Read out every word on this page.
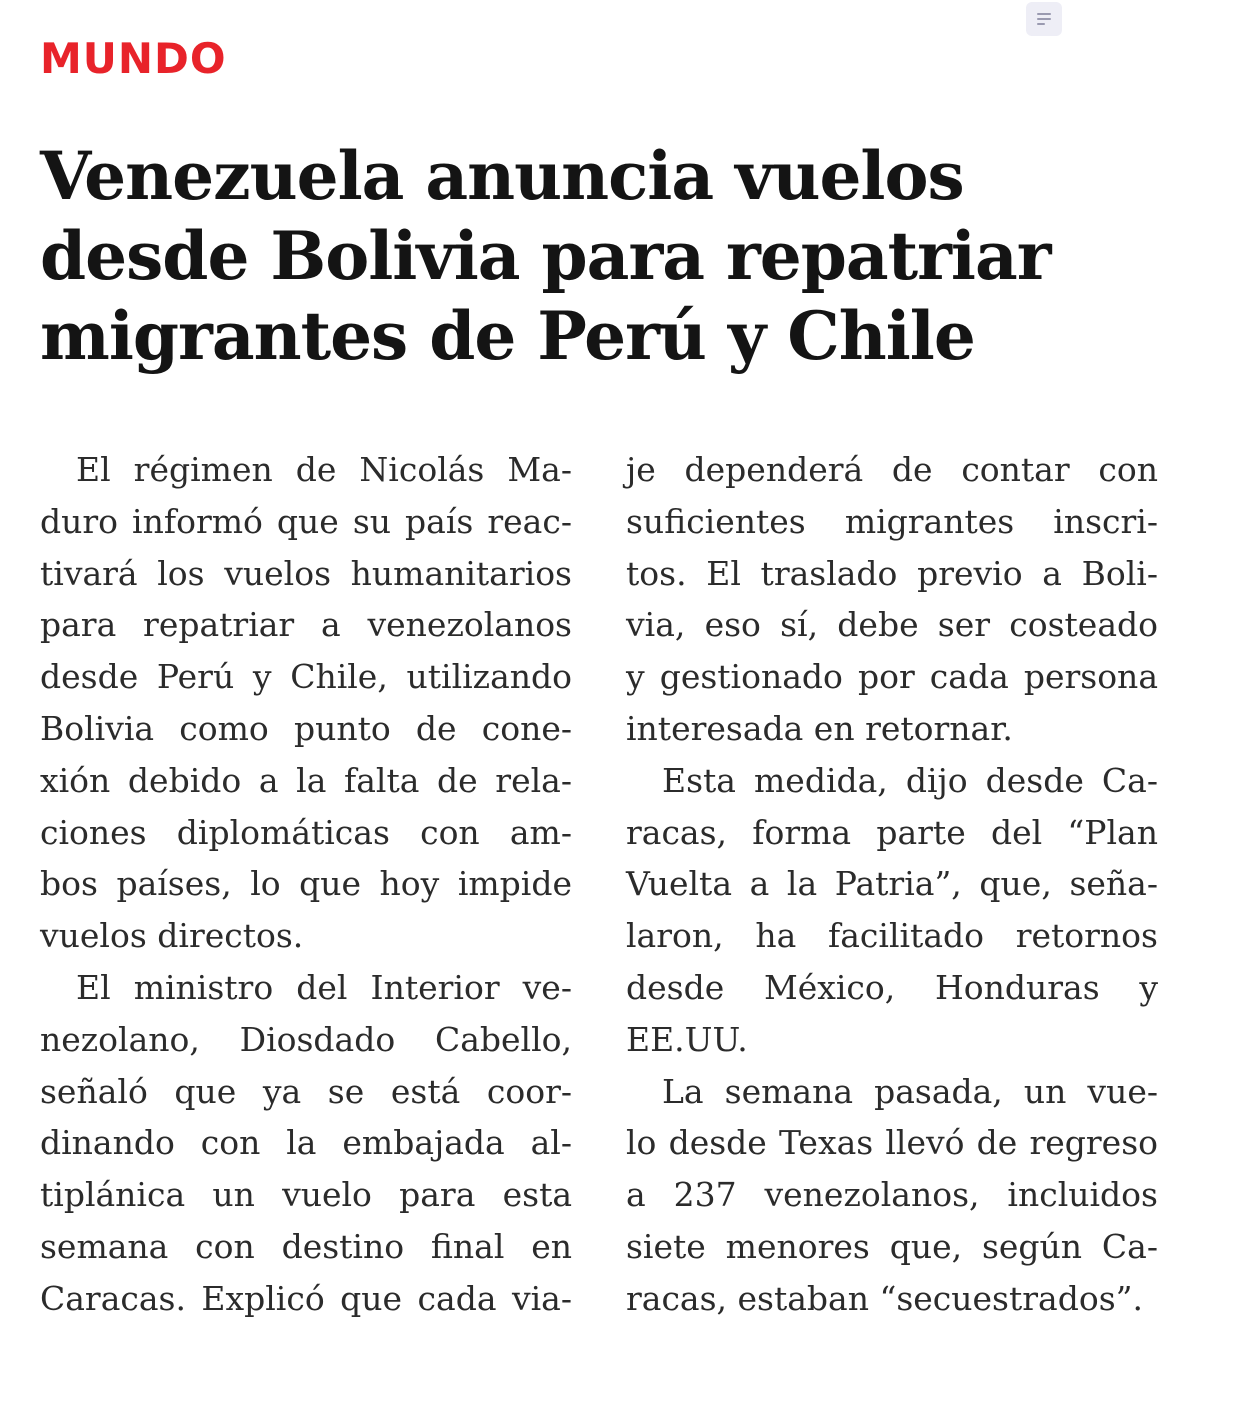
MUNDO
Venezuela anuncia vuelos
desde Bolivia para repatriar
migrantes de Perú y Chile
El régimen de Nicolás Ma-
duro informó que su país reac-
tivará los vuelos humanitarios
para repatriar a venezolanos
desde Perú y Chile, utilizando
Bolivia como punto de cone-
xión debido a la falta de rela-
ciones diplomáticas con am-
bos países, lo que hoy impide
vuelos directos.
El ministro del Interior ve-
nezolano, Diosdado Cabello,
señaló que ya se está coor-
dinando con la embajada al-
tiplánica un vuelo para esta
semana con destino final en
Caracas. Explicó que cada via-
je dependerá de contar con
suficientes migrantes inscri-
tos. El traslado previo a Boli-
via, eso sí, debe ser costeado
y gestionado por cada persona
interesada en retornar.
Esta medida, dijo desde Ca-
racas, forma parte del “Plan
Vuelta a la Patria”, que, seña-
laron, ha facilitado retornos
desde México, Honduras y
EE.UU.
La semana pasada, un vue-
lo desde Texas llevó de regreso
a 237 venezolanos, incluidos
siete menores que, según Ca-
racas, estaban “secuestrados”.
